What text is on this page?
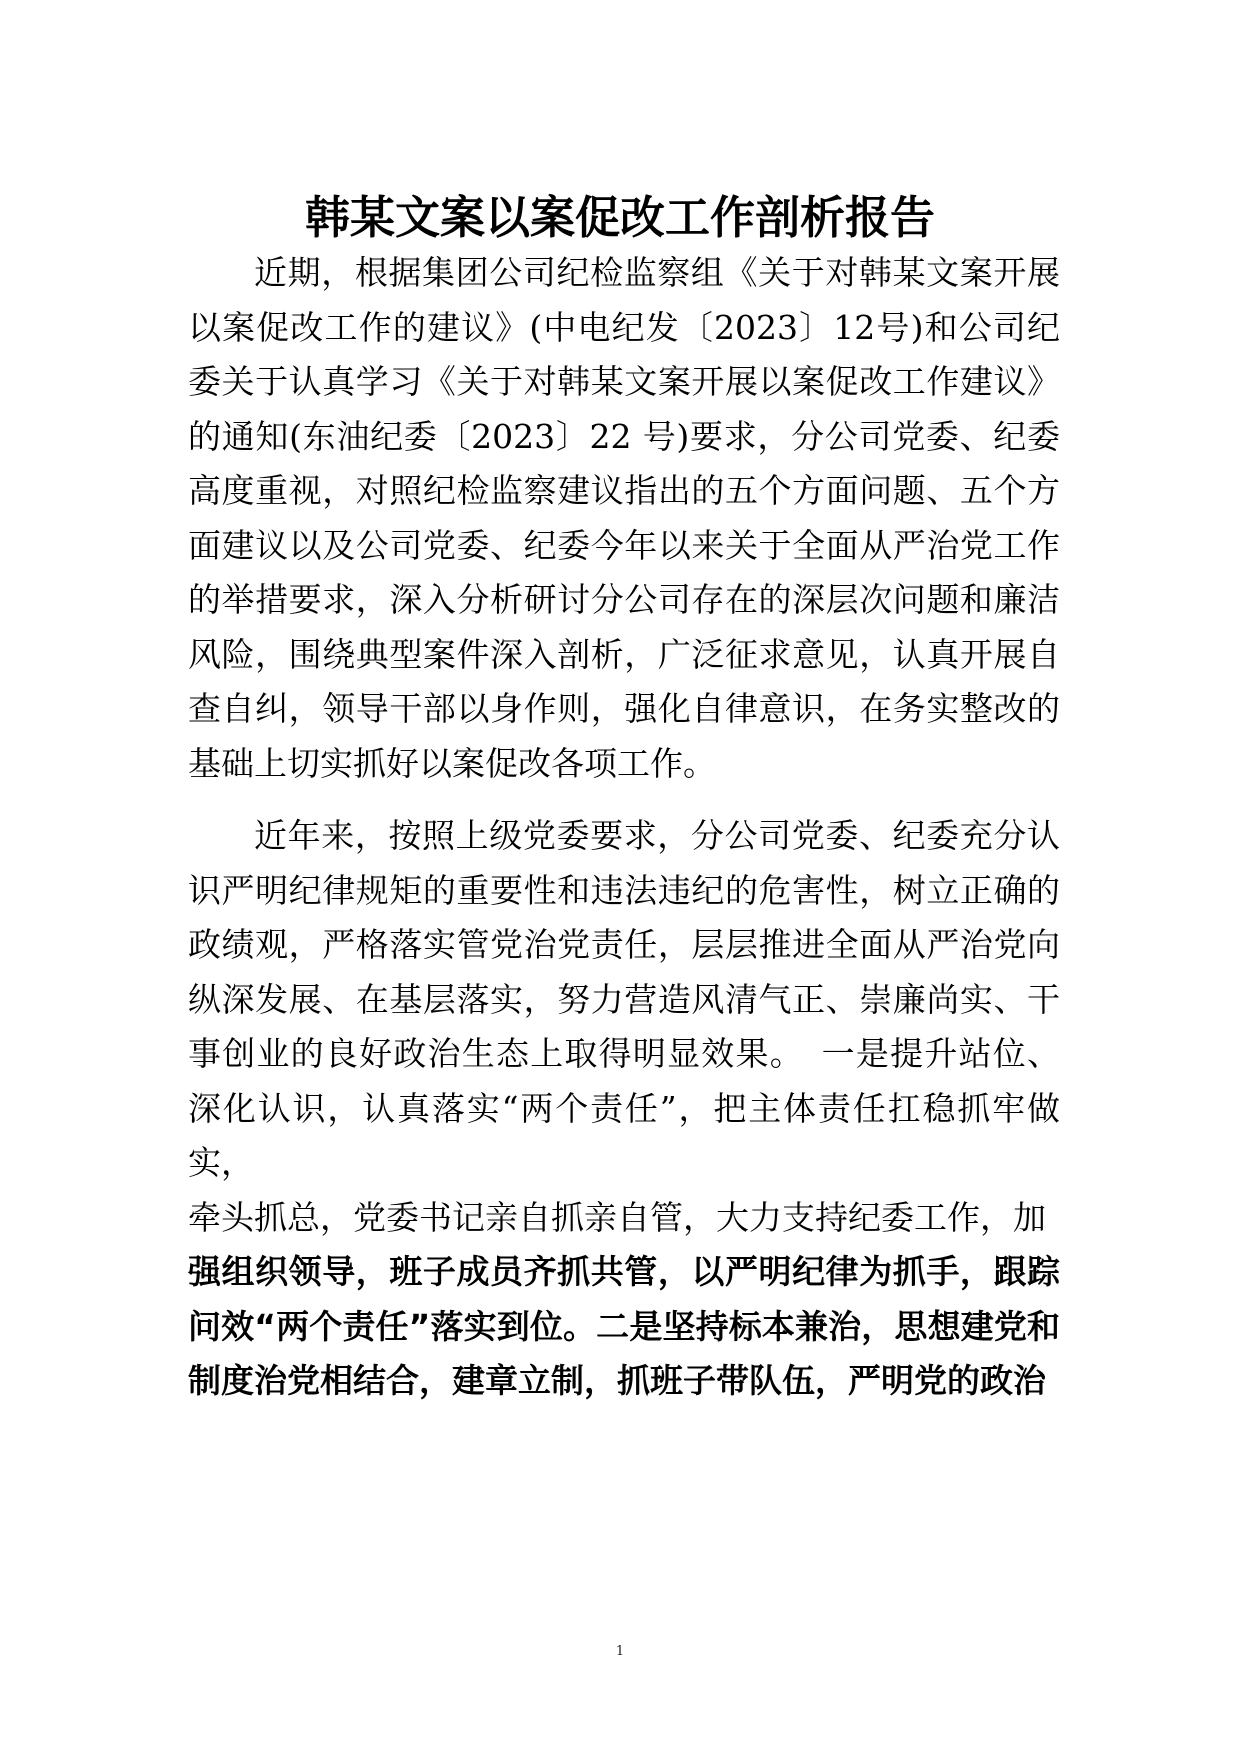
韩某文案以案促改工作剖析报告

近期，根据集团公司纪检监察组《关于对韩某文案开展以案促改工作的建议》(中电纪发〔2023〕12号)和公司纪委关于认真学习《关于对韩某文案开展以案促改工作建议》的通知(东油纪委〔2023〕22 号)要求，分公司党委、纪委高度重视，对照纪检监察建议指出的五个方面问题、五个方面建议以及公司党委、纪委今年以来关于全面从严治党工作的举措要求，深入分析研讨分公司存在的深层次问题和廉洁风险，围绕典型案件深入剖析，广泛征求意见，认真开展自查自纠，领导干部以身作则，强化自律意识，在务实整改的基础上切实抓好以案促改各项工作。

近年来，按照上级党委要求，分公司党委、纪委充分认识严明纪律规矩的重要性和违法违纪的危害性，树立正确的政绩观，严格落实管党治党责任，层层推进全面从严治党向纵深发展、在基层落实，努力营造风清气正、崇廉尚实、干事创业的良好政治生态上取得明显效果。　一是提升站位、深化认识，认真落实“两个责任”，把主体责任扛稳抓牢做实，

牵头抓总，党委书记亲自抓亲自管，大力支持纪委工作，加

强组织领导，班子成员齐抓共管，以严明纪律为抓手，跟踪问效“两个责任”落实到位。二是坚持标本兼治，思想建党和制度治党相结合，建章立制，抓班子带队伍，严明党的政治

1
